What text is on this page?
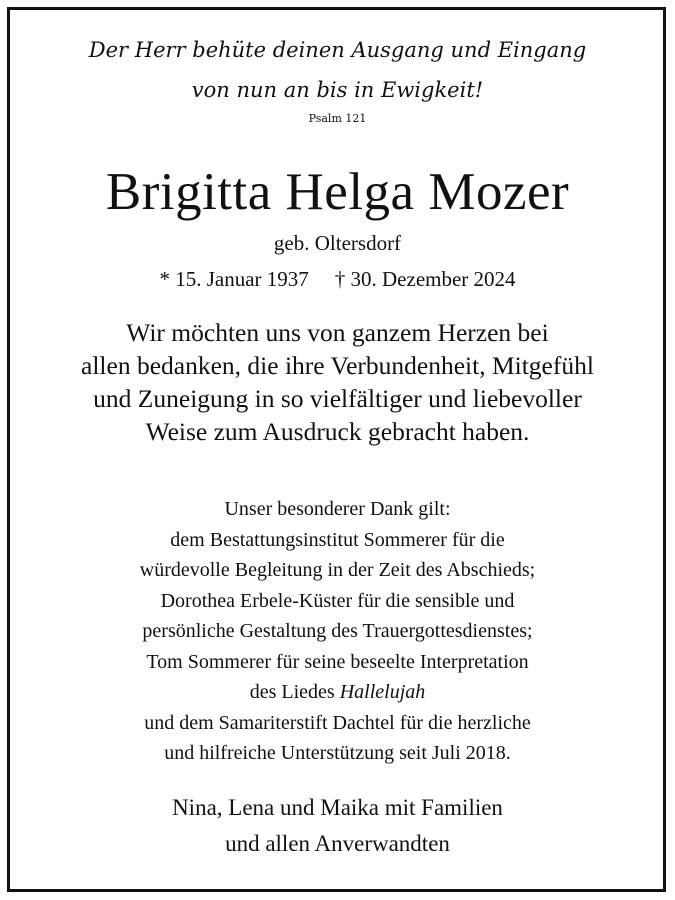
Der Herr behüte deinen Ausgang und Eingang
von nun an bis in Ewigkeit!
Psalm 121
Brigitta Helga Mozer
geb. Oltersdorf
* 15. Januar 1937 † 30. Dezember 2024
Wir möchten uns von ganzem Herzen bei
allen bedanken, die ihre Verbundenheit, Mitgefühl
und Zuneigung in so vielfältiger und liebevoller
Weise zum Ausdruck gebracht haben.
Unser besonderer Dank gilt:
dem Bestattungsinstitut Sommerer für die
würdevolle Begleitung in der Zeit des Abschieds;
Dorothea Erbele-Küster für die sensible und
persönliche Gestaltung des Trauergottesdienstes;
Tom Sommerer für seine beseelte Interpretation
des Liedes Hallelujah
und dem Samariterstift Dachtel für die herzliche
und hilfreiche Unterstützung seit Juli 2018.
Nina, Lena und Maika mit Familien
und allen Anverwandten
